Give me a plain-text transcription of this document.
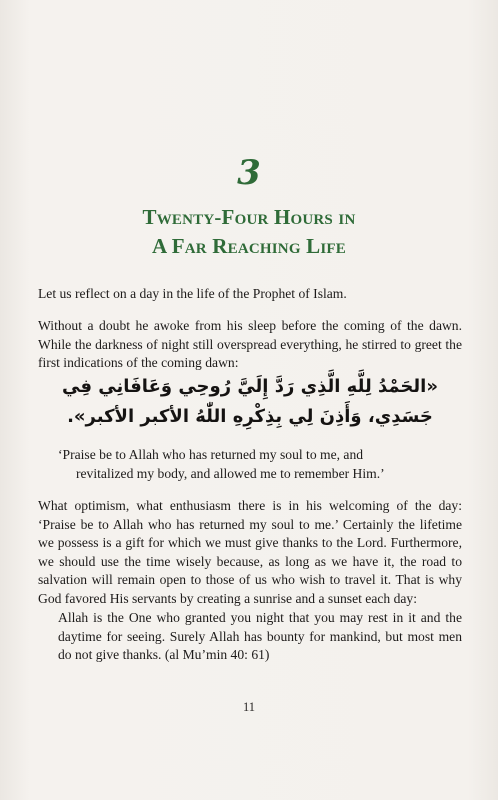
3
Twenty-Four Hours in
A Far Reaching Life
Let us reflect on a day in the life of the Prophet of Islam.
Without a doubt he awoke from his sleep before the coming of the dawn. While the darkness of night still overspread everything, he stirred to greet the first indications of the coming dawn:
«الحَمْدُ لِلَّهِ الَّذِي رَدَّ إِلَيَّ رُوحِي وَعَافَانِي فِي
جَسَدِي، وَأَذِنَ لِي بِذِكْرِهِ اللّٰهُ الأكبر الأكبر».
‘Praise be to Allah who has returned my soul to me, and
revitalized my body, and allowed me to remember Him.’
What optimism, what enthusiasm there is in his welcoming of the day: ‘Praise be to Allah who has returned my soul to me.’ Certainly the lifetime we possess is a gift for which we must give thanks to the Lord. Furthermore, we should use the time wisely because, as long as we have it, the road to salvation will remain open to those of us who wish to travel it. That is why God favored His servants by creating a sunrise and a sunset each day:
Allah is the One who granted you night that you may rest in it and the daytime for seeing. Surely Allah has bounty for mankind, but most men do not give thanks. (al Mu’min 40: 61)
11
